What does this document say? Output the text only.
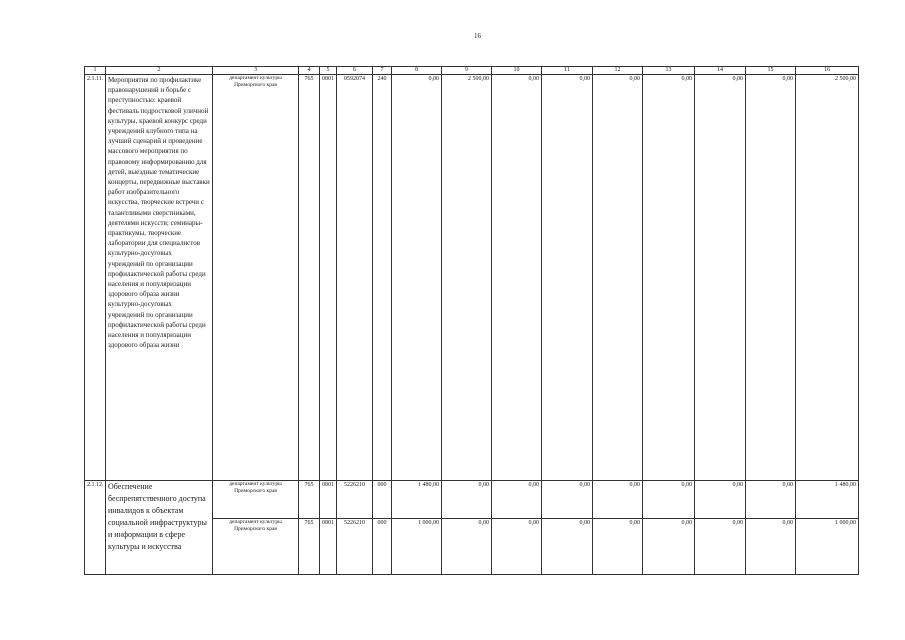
16
1	2	3	4	5	6	7	8	9	10	11	12	13	14	15	16
2.1.11.	Мероприятия по профилактике правонарушений и борьбе с преступностью: краевой фестиваль подростковой уличной культуры, краевой конкурс среди учреждений клубного типа на лучший сценарий и проведение массового мероприятия по правовому информированию для детей, выездные тематические концерты, передвижные выставки работ изобразительного искусства, творческие встречи с талантливыми сверстниками, деятелями искусств; семинары-практикумы, творческие лаборатории для специалистов культурно-досуговых учреждений по организации профилактической работы среди населения и популяризации здорового образа жизни культурно-досуговых учреждений по организации профилактической работы среди населения и популяризации здорового образа жизни	департамент культуры Приморского края	765	0801	0592074	240	0,00	2 500,00	0,00	0,00	0,00	0,00	0,00	0,00	2 500,00
2.1.12.	Обеспечение беспрепятственного доступа инвалидов к объектам социальной инфраструктуры и информации в сфере культуры и искусства	департамент культуры Приморского края	765	0801	5226210	000	1 480,00	0,00	0,00	0,00	0,00	0,00	0,00	0,00	1 480,00
		департамент культуры Приморского края	765	0801	5226210	000	1 000,00	0,00	0,00	0,00	0,00	0,00	0,00	0,00	1 000,00
